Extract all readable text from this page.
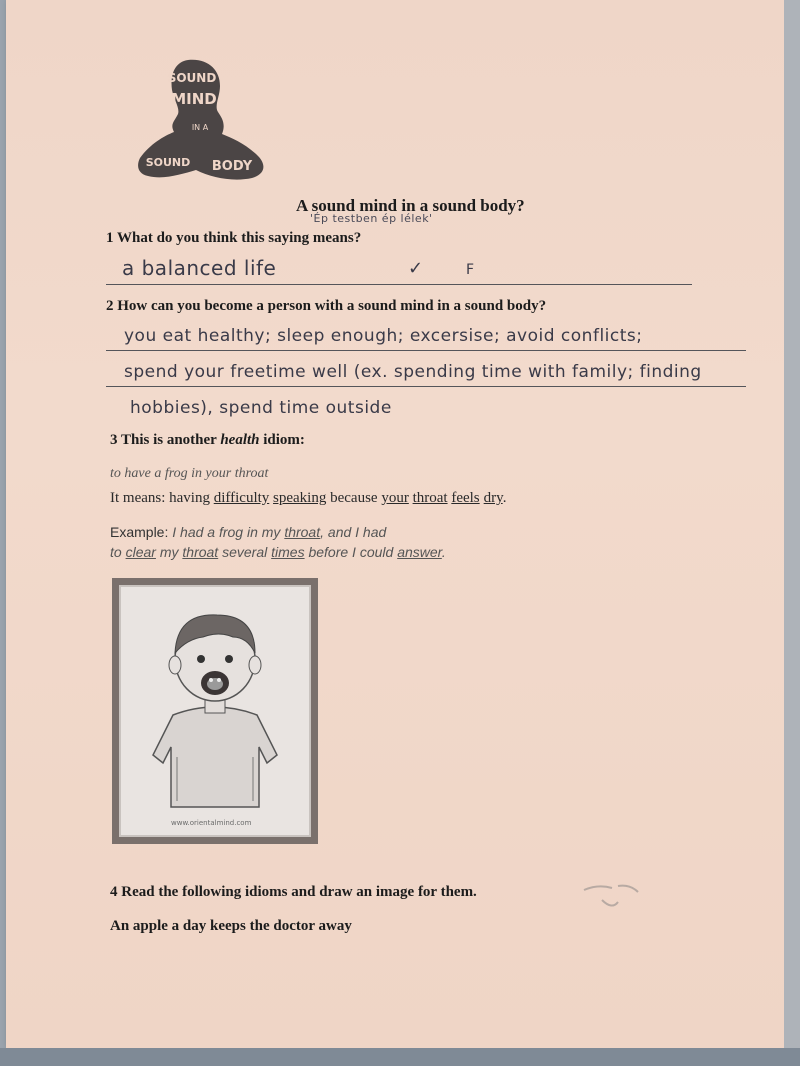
SOUND
MIND
IN A
SOUND BODY
A sound mind in a sound body?
'Ép testben ép lélek'
1 What do you think this saying means?
a balanced life	✓	F
2 How can you become a person with a sound mind in a sound body?
you eat healthy; sleep enough; excersise; avoid conflicts;
spend your freetime well (ex. spending time with family; finding
hobbies), spend time outside
3 This is another health idiom:
to have a frog in your throat
It means: having difficulty speaking because your throat feels dry.
Example: I had a frog in my throat, and I had
to clear my throat several times before I could answer.
www.orientalmind.com
4 Read the following idioms and draw an image for them.
An apple a day keeps the doctor away
